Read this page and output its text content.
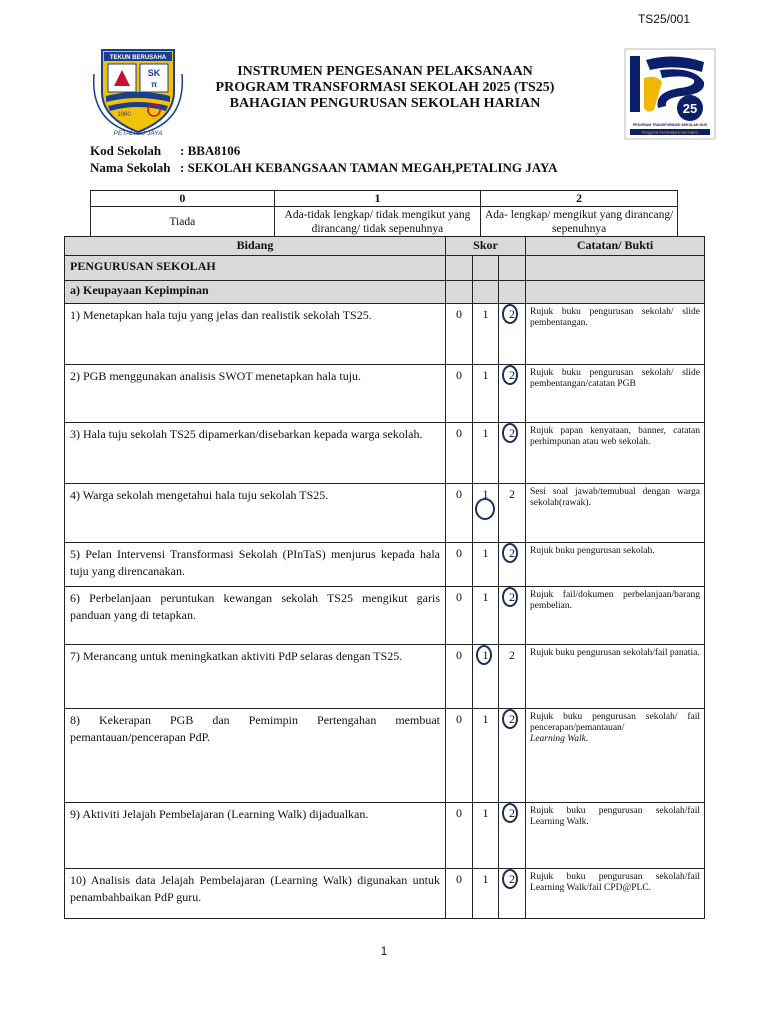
TS25/001
TEKUN BERUSAHA
SK
π
1960
PETALING JAYA
25
PROGRAM TRANSFORMASI SEKOLAH 2025
Penggerak Pembelajaran Bermakna
INSTRUMEN PENGESANAN PELAKSANAAN
PROGRAM TRANSFORMASI SEKOLAH 2025 (TS25)
BAHAGIAN PENGURUSAN SEKOLAH HARIAN
Kod Sekolah : BBA8106
Nama Sekolah : SEKOLAH KEBANGSAAN TAMAN MEGAH,PETALING JAYA
0	1	2
Tiada	Ada-tidak lengkap/ tidak mengikut yang dirancang/ tidak sepenuhnya	Ada- lengkap/ mengikut yang dirancang/ sepenuhnya
Bidang	Skor			Catatan/ Bukti
PENGURUSAN SEKOLAH				
a) Keupayaan Kepimpinan				
1) Menetapkan hala tuju yang jelas dan realistik sekolah TS25.	0	1	2	Rujuk buku pengurusan sekolah/ slide pembentangan.
2) PGB menggunakan analisis SWOT menetapkan hala tuju.	0	1	2	Rujuk buku pengurusan sekolah/ slide pembentangan/catatan PGB
3) Hala tuju sekolah TS25 dipamerkan/disebarkan kepada warga sekolah.	0	1	2	Rujuk papan kenyataan, banner, catatan perhimpunan atau web sekolah.
4) Warga sekolah mengetahui hala tuju sekolah TS25.	0	1	2	Sesi soal jawab/temubual dengan warga sekolah(rawak).
5) Pelan Intervensi Transformasi Sekolah (PInTaS) menjurus kepada hala tuju yang direncanakan.	0	1	2	Rujuk buku pengurusan sekolah.
6) Perbelanjaan peruntukan kewangan sekolah TS25 mengikut garis panduan yang di tetapkan.	0	1	2	Rujuk fail/dokumen perbelanjaan/barang pembelian.
7) Merancang untuk meningkatkan aktiviti PdP selaras dengan TS25.	0	1	2	Rujuk buku pengurusan sekolah/fail panatia.
8) Kekerapan PGB dan Pemimpin Pertengahan membuat pemantauan/pencerapan PdP.	0	1	2	Rujuk buku pengurusan sekolah/ fail pencerapan/pemantauan/
Learning Walk.
9) Aktiviti Jelajah Pembelajaran (Learning Walk) dijadualkan.	0	1	2	Rujuk buku pengurusan sekolah/fail Learning Walk.
10) Analisis data Jelajah Pembelajaran (Learning Walk) digunakan untuk penambahbaikan PdP guru.	0	1	2	Rujuk buku pengurusan sekolah/fail Learning Walk/fail CPD@PLC.
1
